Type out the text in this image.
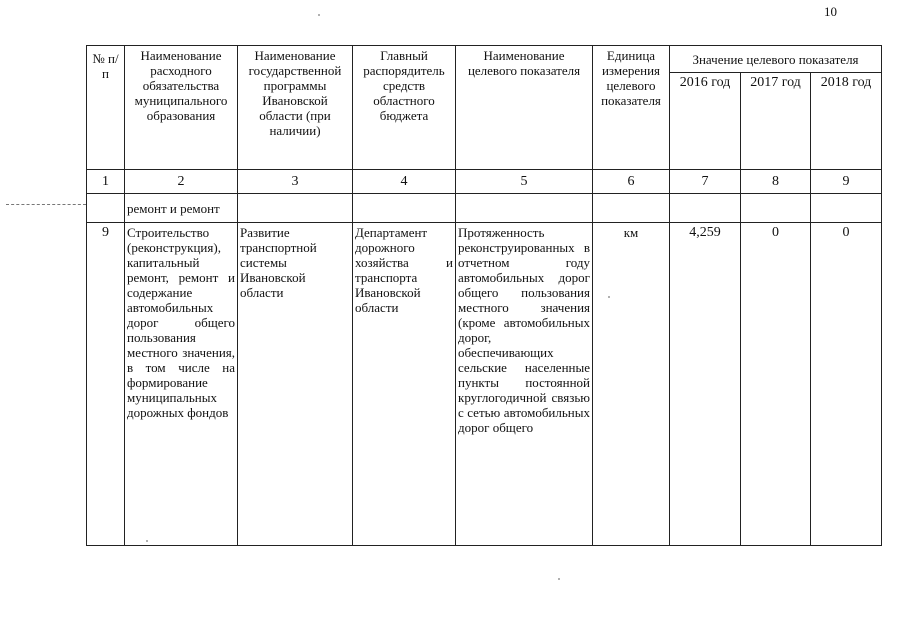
10
№ п/п	Наименование расходного обязательства муниципального образования	Наименование государственной программы Ивановской области (при наличии)	Главный распорядитель средств областного бюджета	Наименование целевого показателя	Единица измерения целевого показателя	Значение целевого показателя		
						2016 год	2017 год	2018 год
1	2	3	4	5	6	7	8	9
	ремонт и ремонт							
9	Строительство (реконструкция), капитальный ремонт, ремонт и содержание автомобильных дорог общего пользования местного значения, в том числе на формирование муниципальных дорожных фондов	Развитие транспортной системы Ивановской области	Департамент дорожного хозяйства и транспорта Ивановской области	Протяженность реконструированных в отчетном году автомобильных дорог общего пользования местного значения (кроме автомобильных дорог, обеспечивающих сельские населенные пункты постоянной круглогодичной связью с сетью автомобильных дорог общего	км	4,259	0	0
